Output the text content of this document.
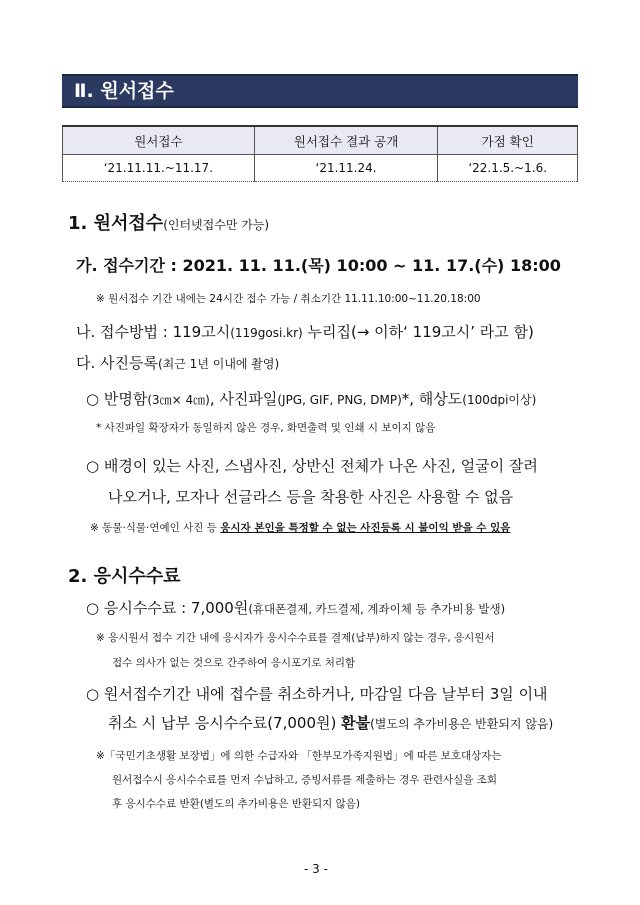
Ⅱ. 원서접수
원서접수	원서접수 결과 공개	가점 확인
‘21.11.11.~11.17.	‘21.11.24.	‘22.1.5.~1.6.
1. 원서접수(인터넷접수만 가능)
가. 접수기간 : 2021. 11. 11.(목) 10:00 ~ 11. 17.(수) 18:00
※ 원서접수 기간 내에는 24시간 접수 가능 / 취소기간 11.11.10:00~11.20.18:00
나. 접수방법 : 119고시(119gosi.kr) 누리집(→ 이하‘ 119고시’ 라고 함)
다. 사진등록(최근 1년 이내에 촬영)
○ 반명함(3㎝× 4㎝), 사진파일(JPG, GIF, PNG, DMP)*, 해상도(100dpi이상)
* 사진파일 확장자가 동일하지 않은 경우, 화면출력 및 인쇄 시 보이지 않음
○ 배경이 있는 사진, 스냅사진, 상반신 전체가 나온 사진, 얼굴이 잘려
나오거나, 모자나 선글라스 등을 착용한 사진은 사용할 수 없음
※ 동물·식물·연예인 사진 등 응시자 본인을 특정할 수 없는 사진등록 시 불이익 받을 수 있음
2. 응시수수료
○ 응시수수료 : 7,000원(휴대폰결제, 카드결제, 계좌이체 등 추가비용 발생)
※ 응시원서 접수 기간 내에 응시자가 응시수수료를 결제(납부)하지 않는 경우, 응시원서
접수 의사가 없는 것으로 간주하여 응시포기로 처리함
○ 원서접수기간 내에 접수를 취소하거나, 마감일 다음 날부터 3일 이내
취소 시 납부 응시수수료(7,000원) 환불(별도의 추가비용은 반환되지 않음)
※「국민기초생활 보장법」에 의한 수급자와 「한부모가족지원법」에 따른 보호대상자는
원서접수시 응시수수료를 먼저 수납하고, 증빙서류를 제출하는 경우 관련사실을 조회
후 응시수수료 반환(별도의 추가비용은 반환되지 않음)
- 3 -
